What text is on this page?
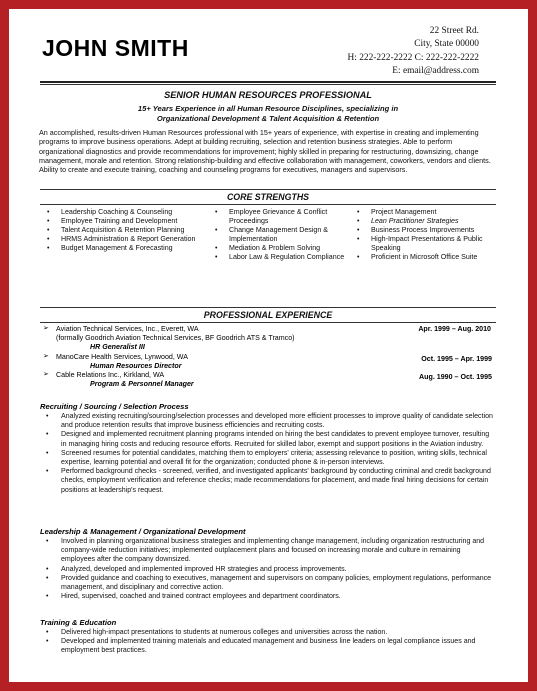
JOHN SMITH
22 Street Rd.
City, State 00000
H: 222-222-2222 C: 222-222-2222
E: email@address.com
SENIOR HUMAN RESOURCES PROFESSIONAL
15+ Years Experience in all Human Resource Disciplines, specializing in
Organizational Development & Talent Acquisition & Retention
An accomplished, results-driven Human Resources professional with 15+ years of experience, with expertise in creating and implementing programs to improve business operations. Adept at building recruiting, selection and retention business strategies. Able to perform organizational diagnostics and provide recommendations for improvement; highly skilled in preparing for restructuring, downsizing, change management, morale and retention. Strong relationship-building and effective collaboration with management, coworkers, vendors and clients. Ability to create and execute training, coaching and counseling programs for executives, managers and supervisors.
CORE STRENGTHS
• Leadership Coaching & Counseling
• Employee Training and Development
• Talent Acquisition & Retention Planning
• HRMS Administration & Report Generation
• Budget Management & Forecasting
• Employee Grievance & Conflict Proceedings
• Change Management Design & Implementation
• Mediation & Problem Solving
• Labor Law & Regulation Compliance
• Project Management
• Lean Practitioner Strategies
• Business Process Improvements
• High-Impact Presentations & Public Speaking
• Proficient in Microsoft Office Suite
PROFESSIONAL EXPERIENCE
➢ Aviation Technical Services, Inc., Everett, WA	Apr. 1999 – Aug. 2010
(formally Goodrich Aviation Technical Services, BF Goodrich ATS & Tramco)
HR Generalist III
➢ ManoCare Health Services, Lynwood, WA	Oct. 1995 – Apr. 1999
Human Resources Director
➢ Cable Relations Inc., Kirkland, WA	Aug. 1990 – Oct. 1995
Program & Personnel Manager
Recruiting / Sourcing / Selection Process
• Analyzed existing recruiting/sourcing/selection processes and developed more efficient processes to improve quality of candidate selection and produce retention results that improve business efficiencies and recruiting costs.
• Designed and implemented recruitment planning programs intended on hiring the best candidates to prevent employee turnover, resulting in managing hiring costs and reducing resource efforts. Recruited for skilled labor, exempt and support positions in the Aviation industry.
• Screened resumes for potential candidates, matching them to employers' criteria; assessing relevance to position, writing skills, technical expertise, learning potential and overall fit for the organization; conducted phone & in-person interviews.
• Performed background checks - screened, verified, and investigated applicants' background by conducting criminal and credit background checks, employment verification and reference checks; made recommendations for placement, and made final hiring decisions for certain positions at leadership's request.
Leadership & Management / Organizational Development
• Involved in planning organizational business strategies and implementing change management, including organization restructuring and company-wide reduction initiatives; implemented outplacement plans and focused on increasing morale and culture in remaining employees after the company downsized.
• Analyzed, developed and implemented improved HR strategies and process improvements.
• Provided guidance and coaching to executives, management and supervisors on company policies, employment regulations, performance management, and disciplinary and corrective action.
• Hired, supervised, coached and trained contract employees and department coordinators.
Training & Education
• Delivered high-impact presentations to students at numerous colleges and universities across the nation.
• Developed and implemented training materials and educated management and business line leaders on legal compliance issues and employment best practices.
